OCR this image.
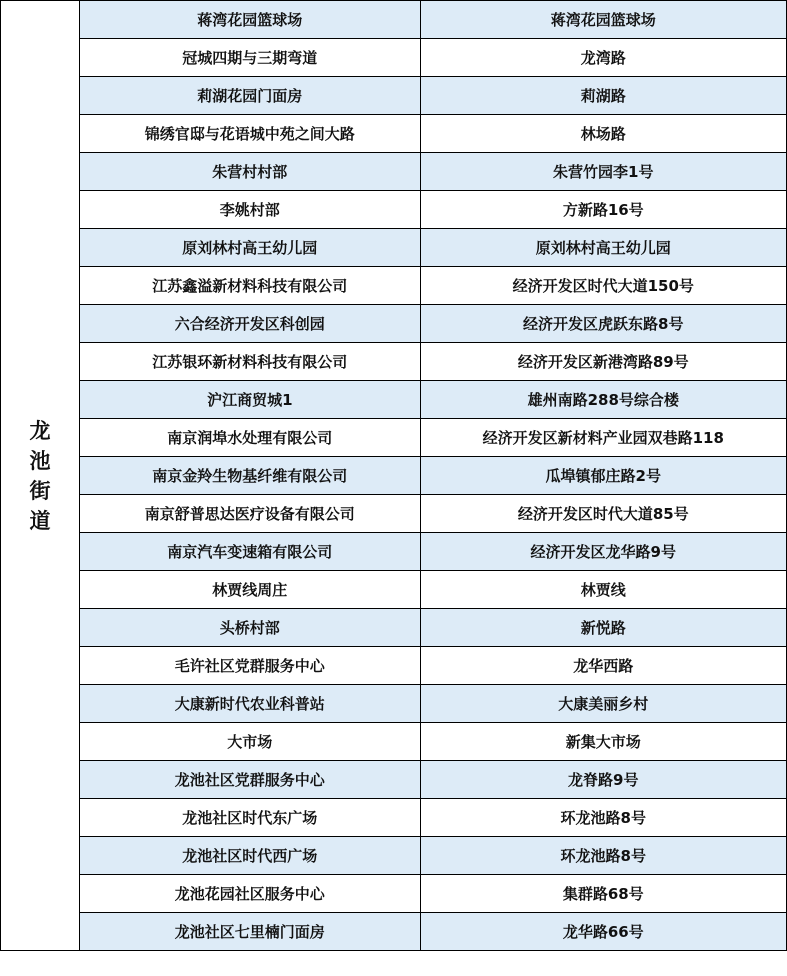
龙池街道	蒋湾花园篮球场	蒋湾花园篮球场
	冠城四期与三期弯道	龙湾路
	莉湖花园门面房	莉湖路
	锦绣官邸与花语城中苑之间大路	林场路
	朱营村村部	朱营竹园李1号
	李姚村部	方新路16号
	原刘林村高王幼儿园	原刘林村高王幼儿园
	江苏鑫溢新材料科技有限公司	经济开发区时代大道150号
	六合经济开发区科创园	经济开发区虎跃东路8号
	江苏银环新材料科技有限公司	经济开发区新港湾路89号
	沪江商贸城1	雄州南路288号综合楼
	南京润埠水处理有限公司	经济开发区新材料产业园双巷路118
	南京金羚生物基纤维有限公司	瓜埠镇郁庄路2号
	南京舒普思达医疗设备有限公司	经济开发区时代大道85号
	南京汽车变速箱有限公司	经济开发区龙华路9号
	林贾线周庄	林贾线
	头桥村部	新悦路
	毛许社区党群服务中心	龙华西路
	大康新时代农业科普站	大康美丽乡村
	大市场	新集大市场
	龙池社区党群服务中心	龙脊路9号
	龙池社区时代东广场	环龙池路8号
	龙池社区时代西广场	环龙池路8号
	龙池花园社区服务中心	集群路68号
	龙池社区七里楠门面房	龙华路66号
